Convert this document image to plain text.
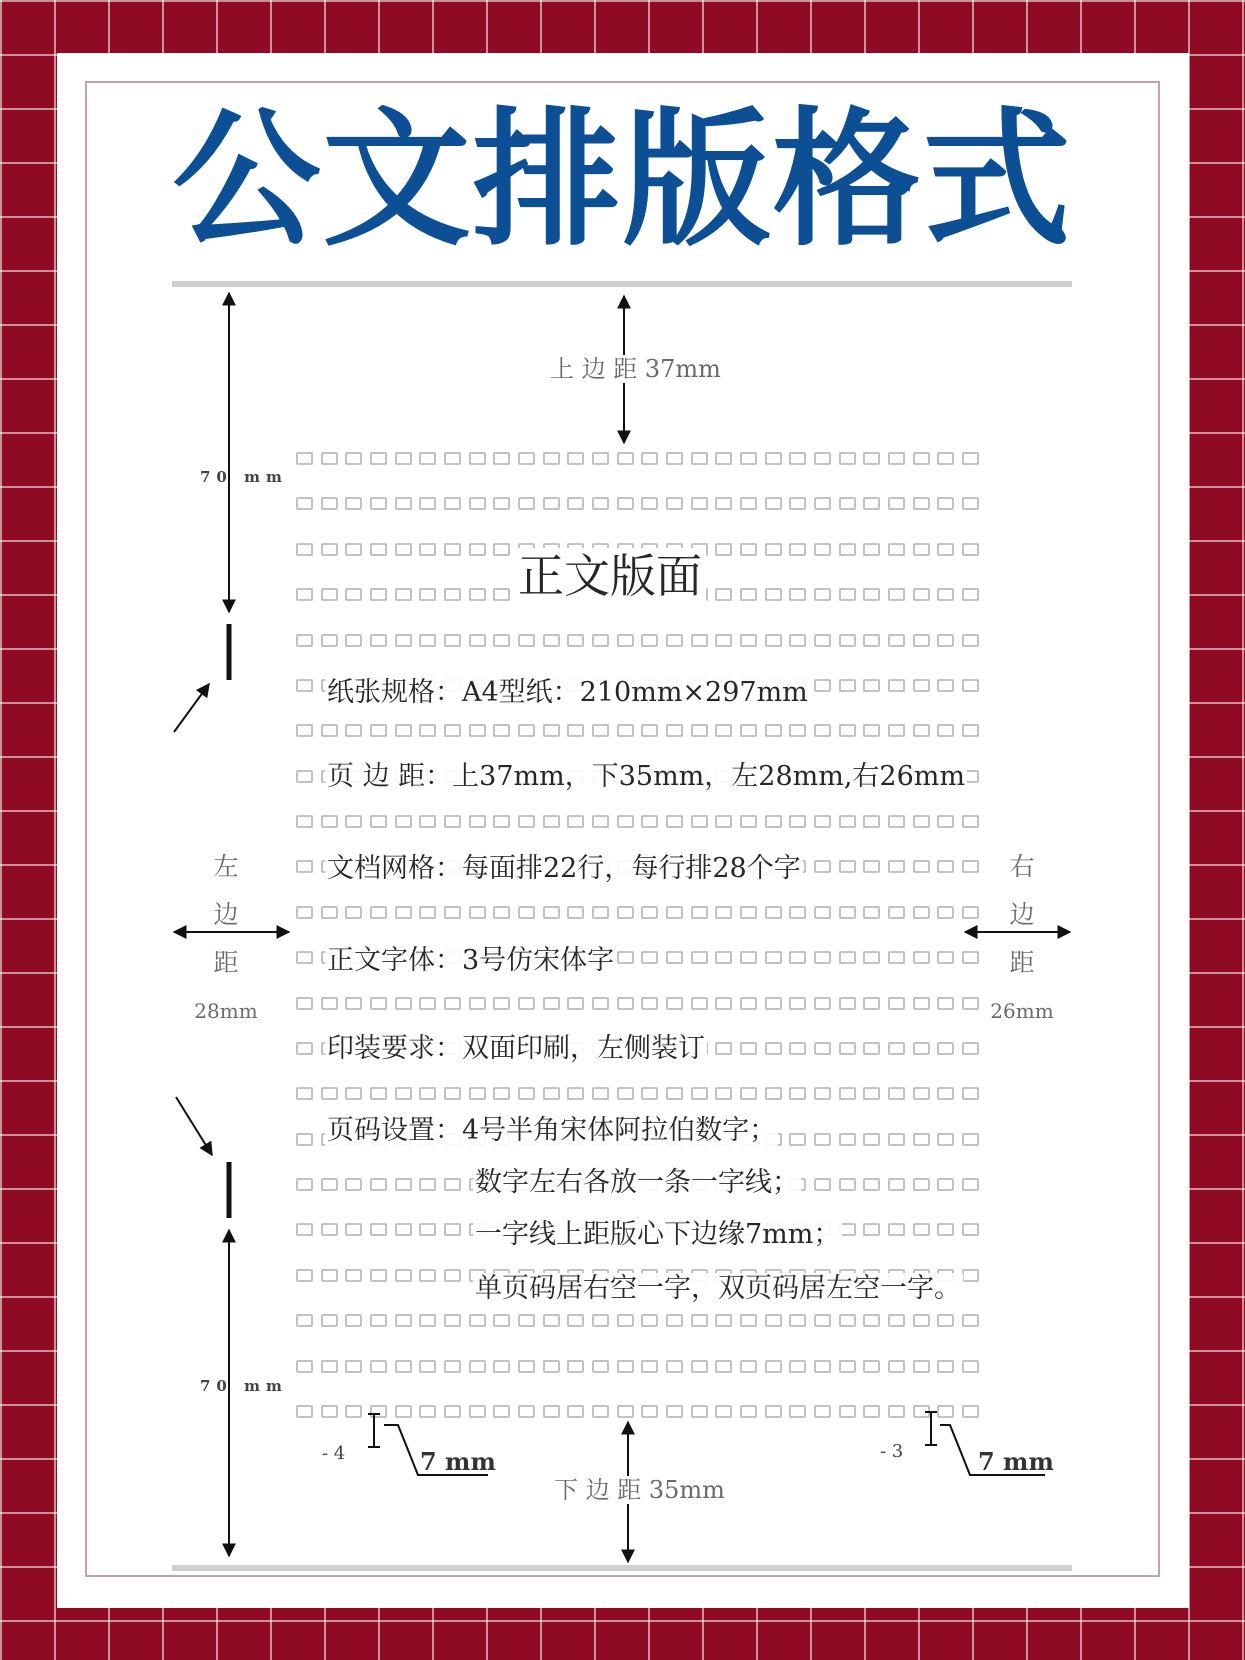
公文排版格式
上 边 距 37mm
下 边 距 35mm
70 mm
70 mm
左
边
距
28mm
右
边
距
26mm
- 4	- 3
7 mm	7 mm
正文版面
纸张规格：A4型纸：210mm×297mm
页 边 距：上37mm，下35mm，左28mm,右26mm
文档网格：每面排22行，每行排28个字
正文字体：3号仿宋体字
印装要求：双面印刷，左侧装订
页码设置：4号半角宋体阿拉伯数字；
数字左右各放一条一字线；
一字线上距版心下边缘7mm；
单页码居右空一字，双页码居左空一字。
